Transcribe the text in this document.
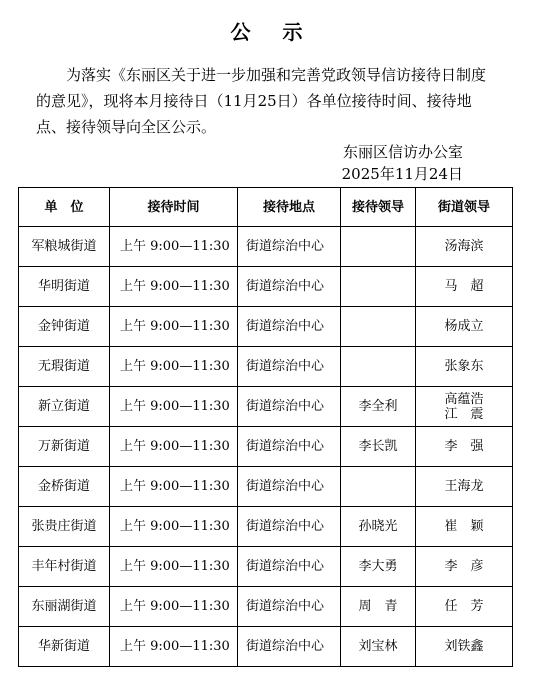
公示
为落实《东丽区关于进一步加强和完善党政领导信访接待日制度的意见》，现将本月接待日（11月25日）各单位接待时间、接待地点、接待领导向全区公示。
东丽区信访办公室
2025年11月24日
单　位	接待时间	接待地点	接待领导	街道领导
军粮城街道	上午 9:00—11:30	街道综治中心		汤海滨

华明街道	上午 9:00—11:30	街道综治中心		马　超

金钟街道	上午 9:00—11:30	街道综治中心		杨成立

无瑕街道	上午 9:00—11:30	街道综治中心		张象东

新立街道	上午 9:00—11:30	街道综治中心	李全利	高蕴浩
江　震

万新街道	上午 9:00—11:30	街道综治中心	李长凯	李　强

金桥街道	上午 9:00—11:30	街道综治中心		王海龙

张贵庄街道	上午 9:00—11:30	街道综治中心	孙晓光	崔　颖

丰年村街道	上午 9:00—11:30	街道综治中心	李大勇	李　彦

东丽湖街道	上午 9:00—11:30	街道综治中心	周　青	任　芳

华新街道	上午 9:00—11:30	街道综治中心	刘宝林	刘铁鑫
